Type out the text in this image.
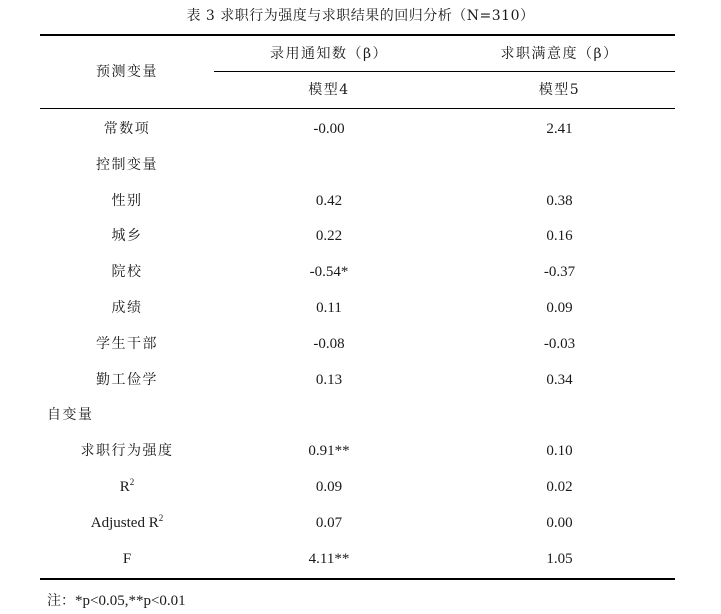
表 3 求职行为强度与求职结果的回归分析（N=310）
预测变量
录用通知数（β）	求职满意度（β）
模型4	模型5
常数项	-0.00	2.41
控制变量
性别	0.42	0.38
城乡	0.22	0.16
院校	-0.54*	-0.37
成绩	0.11	0.09
学生干部	-0.08	-0.03
勤工俭学	0.13	0.34
自变量
求职行为强度	0.91**	0.10
$R^2$	0.09	0.02
Adjusted $R^2$	0.07	0.00
F	4.11**	1.05
注：*p<0.05,**p<0.01
